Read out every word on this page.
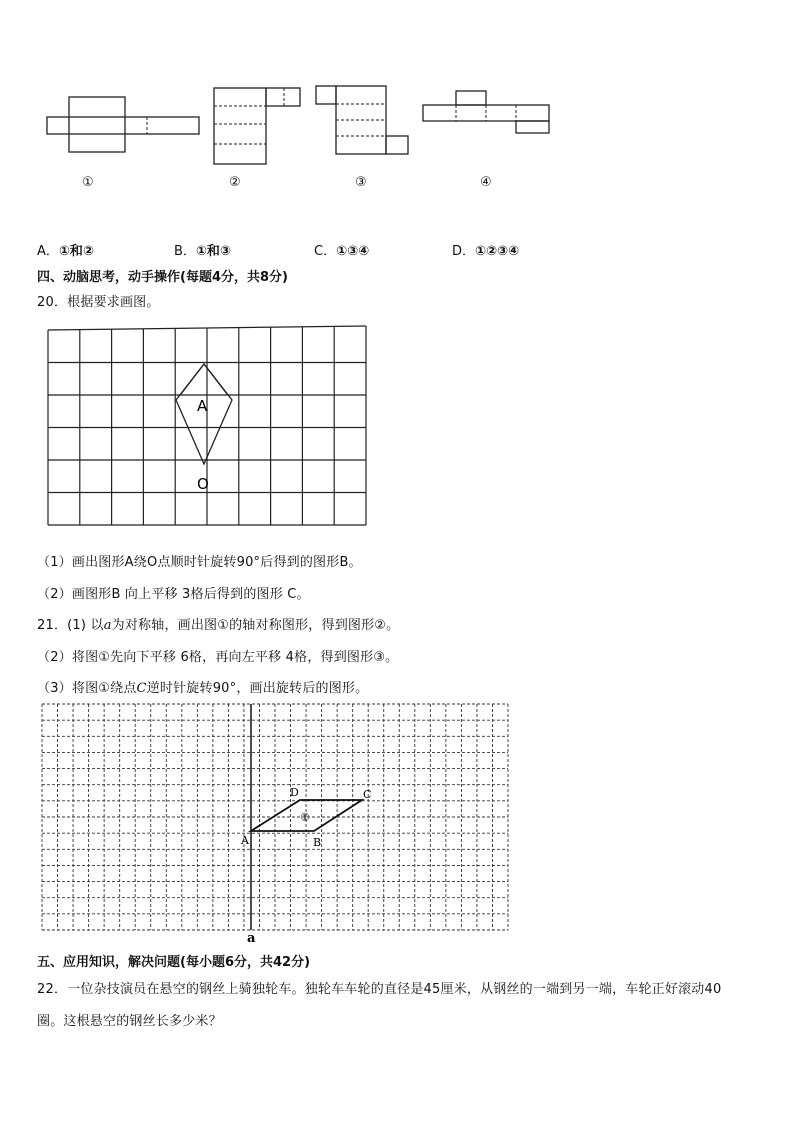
①	②	③	④
A．①和②	B．①和③	C．①③④	D．①②③④
四、动脑思考，动手操作(每题4分，共8分)
20．根据要求画图。
A
O
（1）画出图形A绕O点顺时针旋转90°后得到的图形B。
（2）画图形B 向上平移 3格后得到的图形 C。
21．(1) 以a为对称轴，画出图①的轴对称图形，得到图形②。
（2）将图①先向下平移 6格，再向左平移 4格，得到图形③。
（3）将图①绕点C逆时针旋转90°，画出旋转后的图形。
A	B
C
D
①
a
五、应用知识，解决问题(每小题6分，共42分)
22．一位杂技演员在悬空的钢丝上骑独轮车。独轮车车轮的直径是45厘米，从钢丝的一端到另一端，车轮正好滚动40
圈。这根悬空的钢丝长多少米？
